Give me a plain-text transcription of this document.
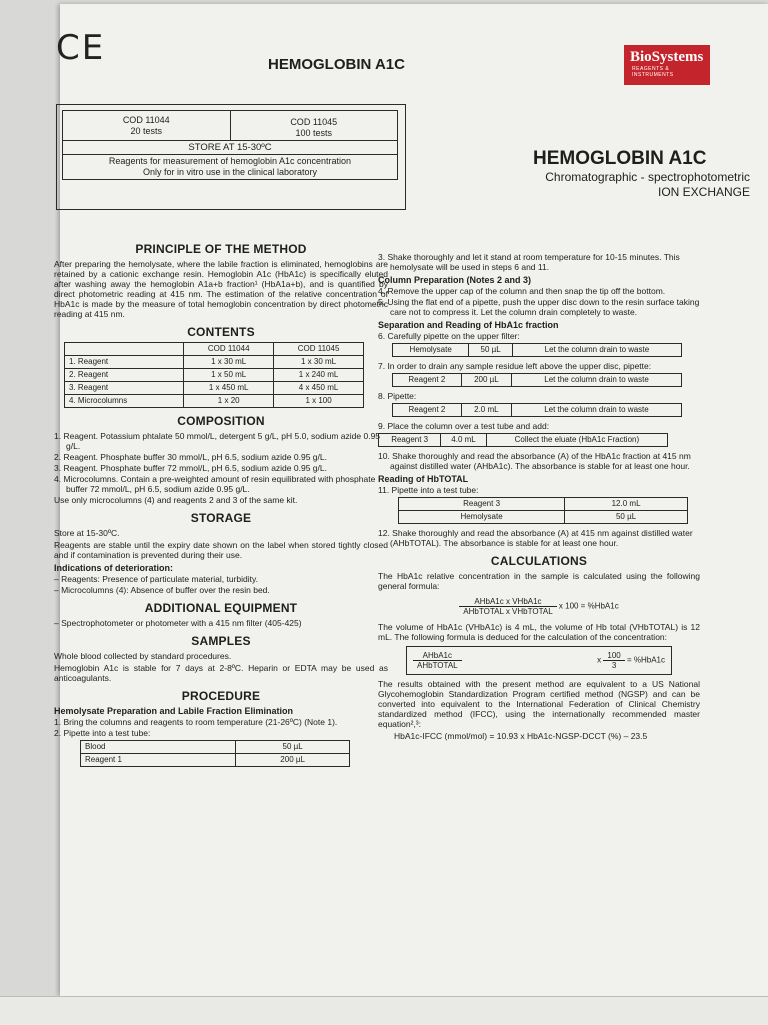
CE	HEMOGLOBIN A1C	BioSystems
REAGENTS & INSTRUMENTS
COD 11044
20 tests

COD 11045
100 tests

STORE AT 15-30ºC

Reagents for measurement of hemoglobin A1c concentration
Only for in vitro use in the clinical laboratory
HEMOGLOBIN A1C
Chromatographic - spectrophotometric
ION EXCHANGE
PRINCIPLE OF THE METHOD

After preparing the hemolysate, where the labile fraction is eliminated, hemoglobins are retained by a cationic exchange resin. Hemoglobin A1c (HbA1c) is specifically eluted after washing away the hemoglobin A1a+b fraction¹ (HbA1a+b), and is quantified by direct photometric reading at 415 nm. The estimation of the relative concentration of HbA1c is made by the measure of total hemoglobin concentration by direct photometric reading at 415 nm.

CONTENTS
	COD 11044	COD 11045
1. Reagent	1 x 30 mL	1 x 30 mL
2. Reagent	1 x 50 mL	1 x 240 mL
3. Reagent	1 x 450 mL	4 x 450 mL
4. Microcolumns	1 x 20	1 x 100
COMPOSITION

1. Reagent. Potassium phtalate 50 mmol/L, detergent 5 g/L, pH 5.0, sodium azide 0.95 g/L.

2. Reagent. Phosphate buffer 30 mmol/L, pH 6.5, sodium azide 0.95 g/L.

3. Reagent. Phosphate buffer 72 mmol/L, pH 6.5, sodium azide 0.95 g/L.

4. Microcolumns. Contain a pre-weighted amount of resin equilibrated with phosphate buffer 72 mmol/L, pH 6.5, sodium azide 0.95 g/L.

Use only microcolumns (4) and reagents 2 and 3 of the same kit.

STORAGE

Store at 15-30ºC.

Reagents are stable until the expiry date shown on the label when stored tightly closed and if contamination is prevented during their use.

Indications of deterioration:

– Reagents: Presence of particulate material, turbidity.

– Microcolumns (4): Absence of buffer over the resin bed.

ADDITIONAL EQUIPMENT

– Spectrophotometer or photometer with a 415 nm filter (405-425)

SAMPLES

Whole blood collected by standard procedures.

Hemoglobin A1c is stable for 7 days at 2-8ºC. Heparin or EDTA may be used as anticoagulants.

PROCEDURE
Hemolysate Preparation and Labile Fraction Elimination

1. Bring the columns and reagents to room temperature (21-26ºC) (Note 1).

2. Pipette into a test tube:

Blood	50 µL
Reagent 1	200 µL

3. Shake thoroughly and let it stand at room temperature for 10-15 minutes. This hemolysate will be used in steps 6 and 11.

Column Preparation (Notes 2 and 3)

4. Remove the upper cap of the column and then snap the tip off the bottom.

5. Using the flat end of a pipette, push the upper disc down to the resin surface taking care not to compress it. Let the column drain completely to waste.

Separation and Reading of HbA1c fraction

6. Carefully pipette on the upper filter:

Hemolysate	50 µL	Let the column drain to waste

7. In order to drain any sample residue left above the upper disc, pipette:

Reagent 2	200 µL	Let the column drain to waste

8. Pipette:

Reagent 2	2.0 mL	Let the column drain to waste

9. Place the column over a test tube and add:

Reagent 3	4.0 mL	Collect the eluate (HbA1c Fraction)

10. Shake thoroughly and read the absorbance (A) of the HbA1c fraction at 415 nm against distilled water (AHbA1c). The absorbance is stable for at least one hour.

Reading of HbTOTAL

11. Pipette into a test tube:

Reagent 3	12.0 mL
Hemolysate	50 µL

12. Shake thoroughly and read the absorbance (A) at 415 nm against distilled water (AHbTOTAL). The absorbance is stable for at least one hour.

CALCULATIONS

The HbA1c relative concentration in the sample is calculated using the following general formula:

$\frac{\text{AHbA1c x VHbA1c}}{\text{AHbTOTAL x VHbTOTAL}}$ x 100 = %HbA1c

The volume of HbA1c (VHbA1c) is 4 mL, the volume of Hb total (VHbTOTAL) is 12 mL. The following formula is deduced for the calculation of the concentration:

$\frac{\text{AHbA1c}}{\text{AHbTOTAL}}$	x $\frac{100}{3} = \%HbA1c$

The results obtained with the present method are equivalent to a US National Glycohemoglobin Standardization Program certified method (NGSP) and can be converted into equivalent to the International Federation of Clinical Chemistry standardized method (IFCC), using the internationally recommended master equation²,³:

HbA1c-IFCC (mmol/mol) = 10.93 x HbA1c-NGSP-DCCT (%) – 23.5
